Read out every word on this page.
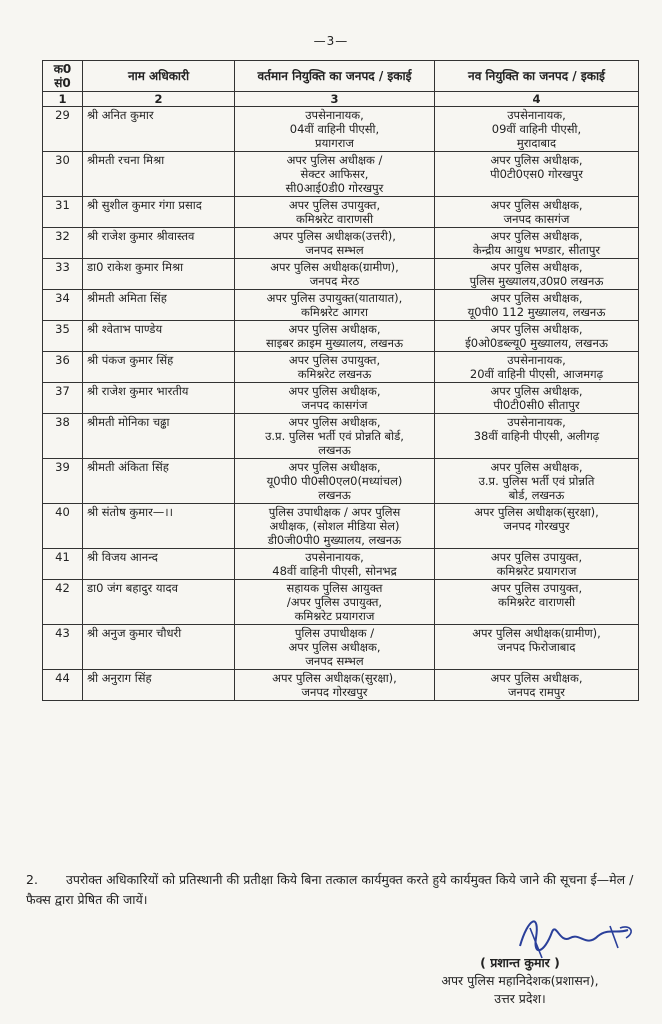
—3—
क0 सं0	नाम अधिकारी	वर्तमान नियुक्ति का जनपद / इकाई	नव नियुक्ति का जनपद / इकाई
1	2	3	4
29	श्री अनित कुमार	उपसेनानायक,
04वीं वाहिनी पीएसी,
प्रयागराज	उपसेनानायक,
09वीं वाहिनी पीएसी,
मुरादाबाद

30	श्रीमती रचना मिश्रा	अपर पुलिस अधीक्षक /
सेक्टर आफिसर,
सी0आई0डी0 गोरखपुर	अपर पुलिस अधीक्षक,
पी0टी0एस0 गोरखपुर

31	श्री सुशील कुमार गंगा प्रसाद	अपर पुलिस उपायुक्त,
कमिश्नरेट वाराणसी	अपर पुलिस अधीक्षक,
जनपद कासगंज

32	श्री राजेश कुमार श्रीवास्तव	अपर पुलिस अधीक्षक(उत्तरी),
जनपद सम्भल	अपर पुलिस अधीक्षक,
केन्द्रीय आयुध भण्डार, सीतापुर

33	डा0 राकेश कुमार मिश्रा	अपर पुलिस अधीक्षक(ग्रामीण),
जनपद मेरठ	अपर पुलिस अधीक्षक,
पुलिस मुख्यालय,उ0प्र0 लखनऊ

34	श्रीमती अमिता सिंह	अपर पुलिस उपायुक्त(यातायात),
कमिश्नरेट आगरा	अपर पुलिस अधीक्षक,
यू0पी0 112 मुख्यालय, लखनऊ

35	श्री श्वेताभ पाण्डेय	अपर पुलिस अधीक्षक,
साइबर क्राइम मुख्यालय, लखनऊ	अपर पुलिस अधीक्षक,
ई0ओ0डब्ल्यू0 मुख्यालय, लखनऊ

36	श्री पंकज कुमार सिंह	अपर पुलिस उपायुक्त,
कमिश्नरेट लखनऊ	उपसेनानायक,
20वीं वाहिनी पीएसी, आजमगढ़

37	श्री राजेश कुमार भारतीय	अपर पुलिस अधीक्षक,
जनपद कासगंज	अपर पुलिस अधीक्षक,
पी0टी0सी0 सीतापुर

38	श्रीमती मोनिका चढ्ढा	अपर पुलिस अधीक्षक,
उ.प्र. पुलिस भर्ती एवं प्रोन्नति बोर्ड,
लखनऊ	उपसेनानायक,
38वीं वाहिनी पीएसी, अलीगढ़

39	श्रीमती अंकिता सिंह	अपर पुलिस अधीक्षक,
यू0पी0 पी0सी0एल0(मध्यांचल)
लखनऊ	अपर पुलिस अधीक्षक,
उ.प्र. पुलिस भर्ती एवं प्रोन्नति
बोर्ड, लखनऊ

40	श्री संतोष कुमार—।।	पुलिस उपाधीक्षक / अपर पुलिस
अधीक्षक, (सोशल मीडिया सेल)
डी0जी0पी0 मुख्यालय, लखनऊ	अपर पुलिस अधीक्षक(सुरक्षा),
जनपद गोरखपुर

41	श्री विजय आनन्द	उपसेनानायक,
48वीं वाहिनी पीएसी, सोनभद्र	अपर पुलिस उपायुक्त,
कमिश्नरेट प्रयागराज

42	डा0 जंग बहादुर यादव	सहायक पुलिस आयुक्त
/अपर पुलिस उपायुक्त,
कमिश्नरेट प्रयागराज	अपर पुलिस उपायुक्त,
कमिश्नरेट वाराणसी

43	श्री अनुज कुमार चौधरी	पुलिस उपाधीक्षक /
अपर पुलिस अधीक्षक,
जनपद सम्भल	अपर पुलिस अधीक्षक(ग्रामीण),
जनपद फिरोजाबाद

44	श्री अनुराग सिंह	अपर पुलिस अधीक्षक(सुरक्षा),
जनपद गोरखपुर	अपर पुलिस अधीक्षक,
जनपद रामपुर
2. उपरोक्त अधिकारियों को प्रतिस्थानी की प्रतीक्षा किये बिना तत्काल कार्यमुक्त करते हुये कार्यमुक्त किये जाने की सूचना ई—मेल / फैक्स द्वारा प्रेषित की जायें।
( प्रशान्त कुमार )
अपर पुलिस महानिदेशक(प्रशासन),
उत्तर प्रदेश।
